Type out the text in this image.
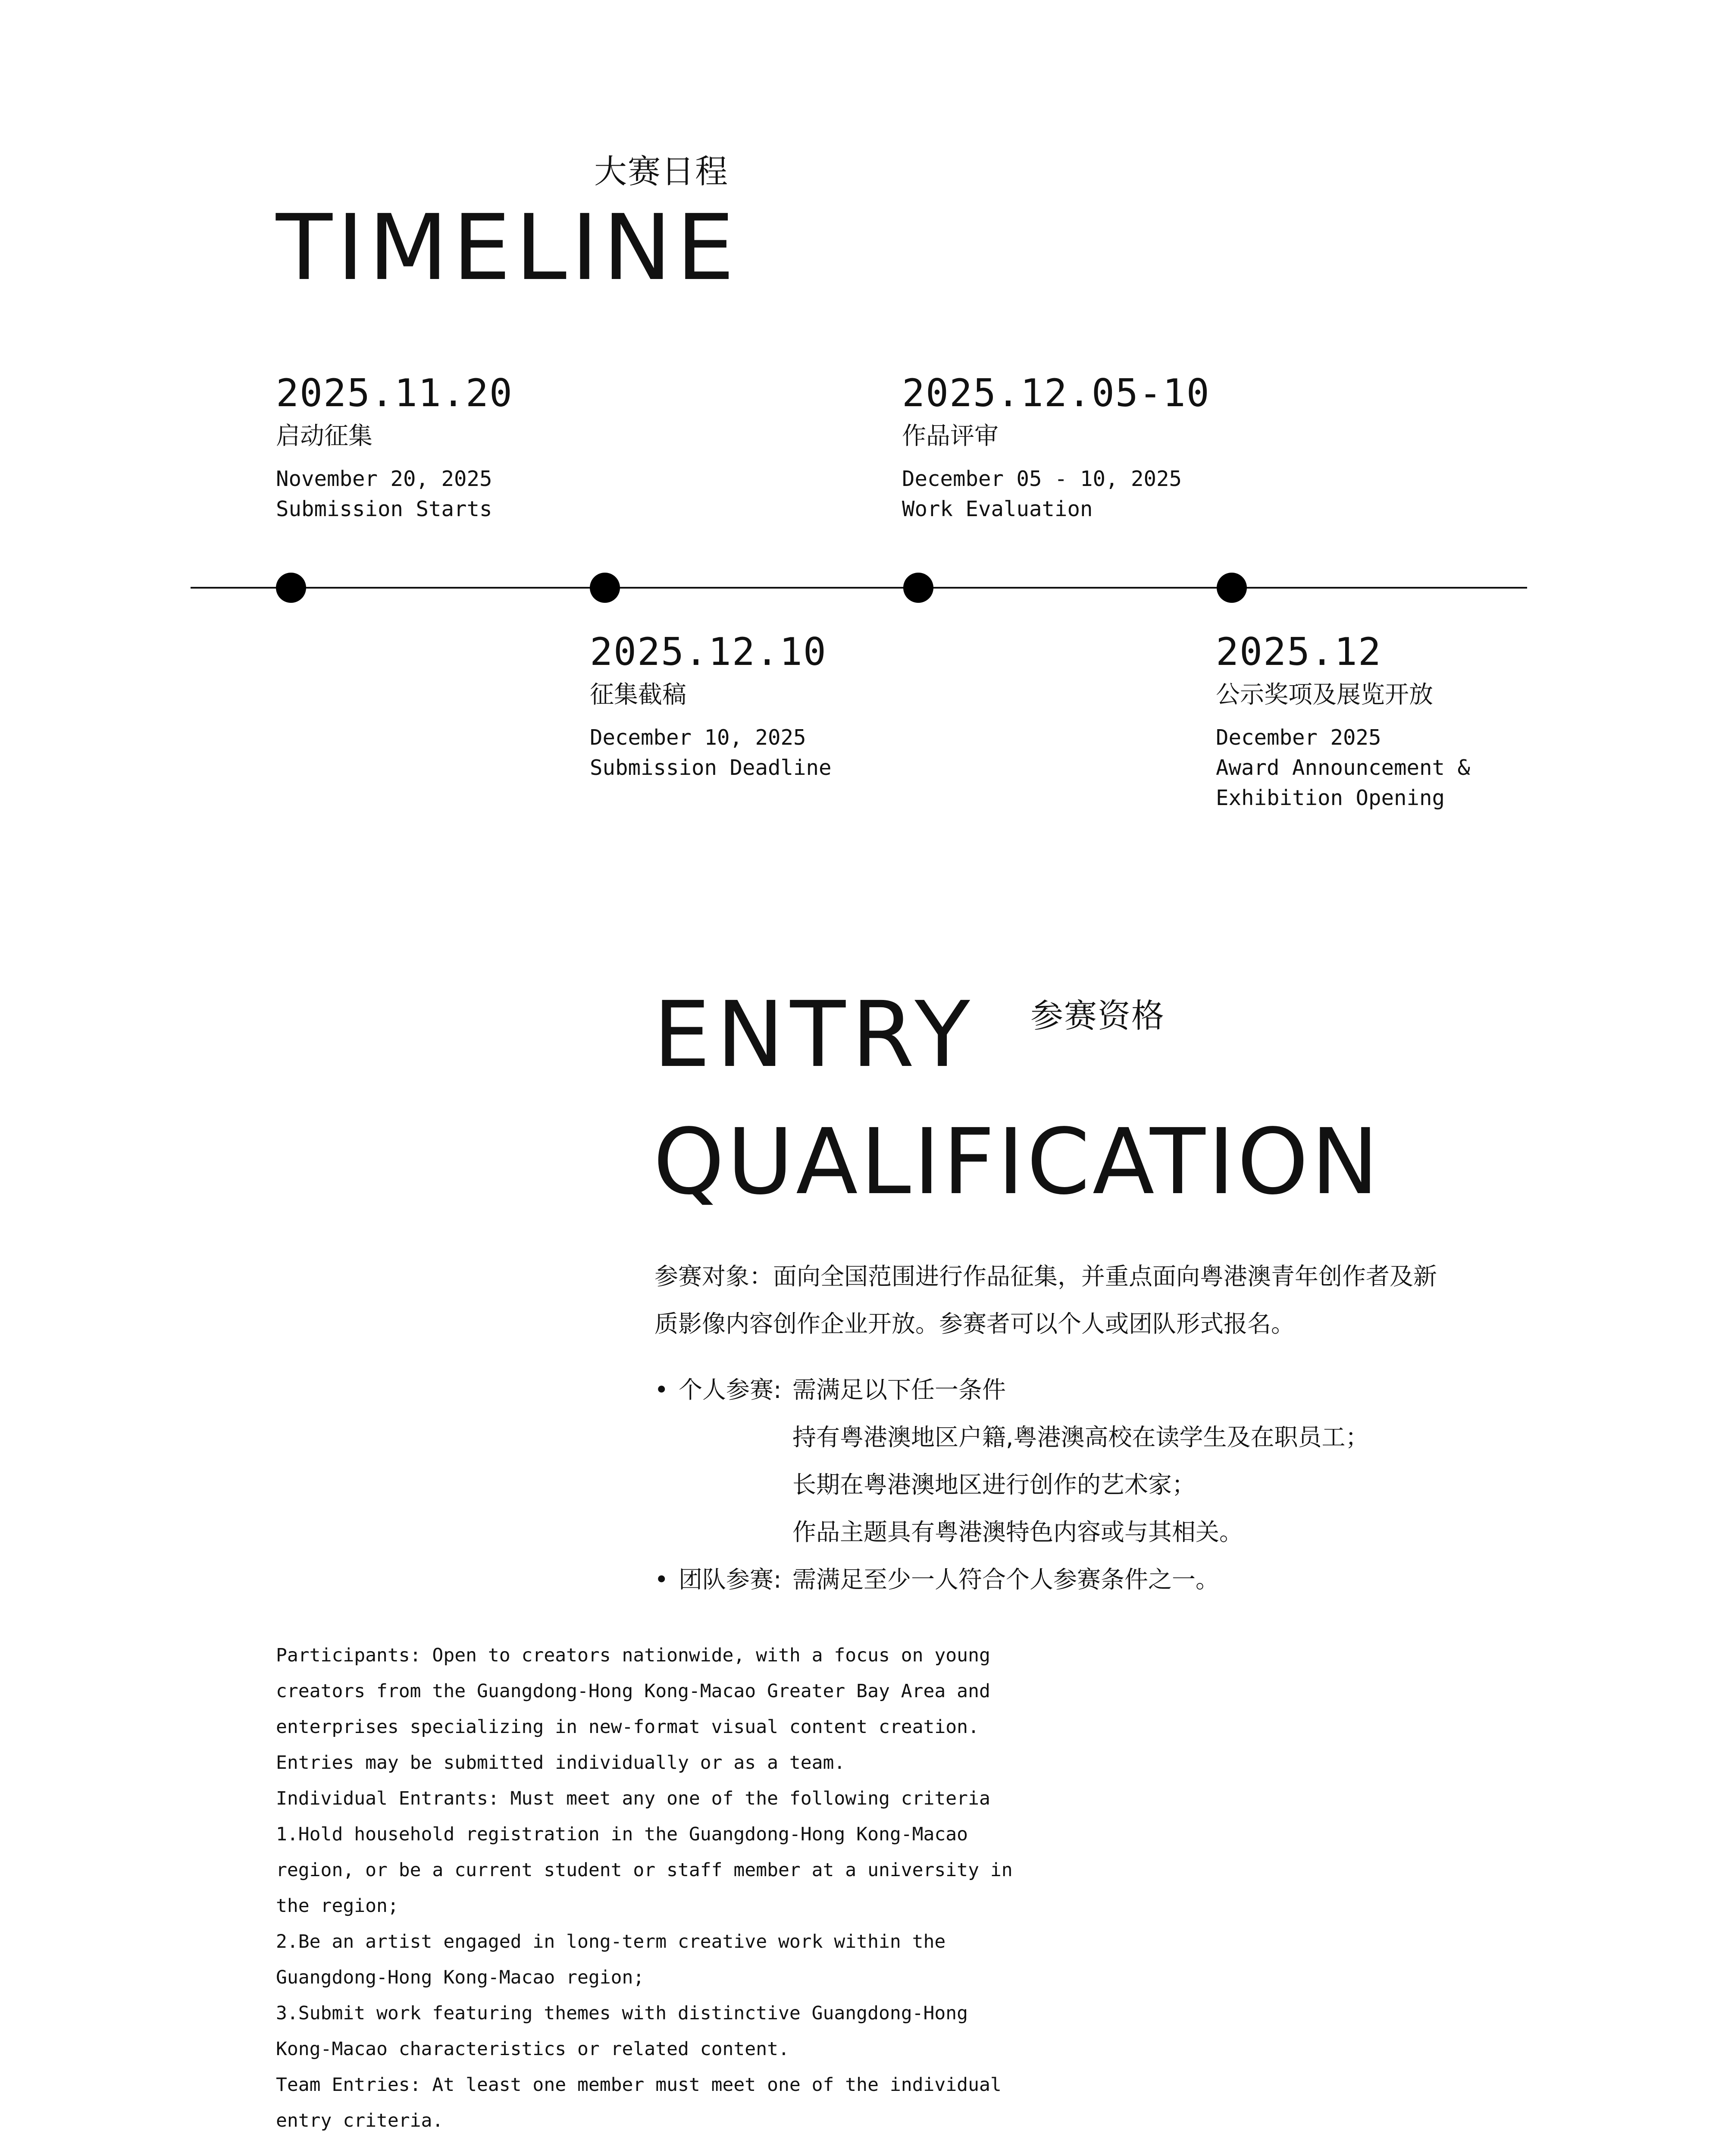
大赛日程
TIMELINE
2025.11.20
启动征集
November 20, 2025
Submission Starts
2025.12.05-10
作品评审
December 05 - 10, 2025
Work Evaluation
2025.12.10
征集截稿
December 10, 2025
Submission Deadline
2025.12
公示奖项及展览开放
December 2025
Award Announcement &
Exhibition Opening
ENTRY 参赛资格
QUALIFICATION

参赛对象：面向全国范围进行作品征集，并重点面向粤港澳青年创作者及新

质影像内容创作企业开放。参赛者可以个人或团队形式报名。

• 个人参赛: 需满足以下任一条件
持有粤港澳地区户籍,粤港澳高校在读学生及在职员工；
长期在粤港澳地区进行创作的艺术家；
作品主题具有粤港澳特色内容或与其相关。
• 团队参赛: 需满足至少一人符合个人参赛条件之一。
Participants: Open to creators nationwide, with a focus on young
creators from the Guangdong-Hong Kong-Macao Greater Bay Area and
enterprises specializing in new-format visual content creation.
Entries may be submitted individually or as a team.
Individual Entrants: Must meet any one of the following criteria
1.Hold household registration in the Guangdong-Hong Kong-Macao
region, or be a current student or staff member at a university in
the region;
2.Be an artist engaged in long-term creative work within the
Guangdong-Hong Kong-Macao region;
3.Submit work featuring themes with distinctive Guangdong-Hong
Kong-Macao characteristics or related content.
Team Entries: At least one member must meet one of the individual
entry criteria.
